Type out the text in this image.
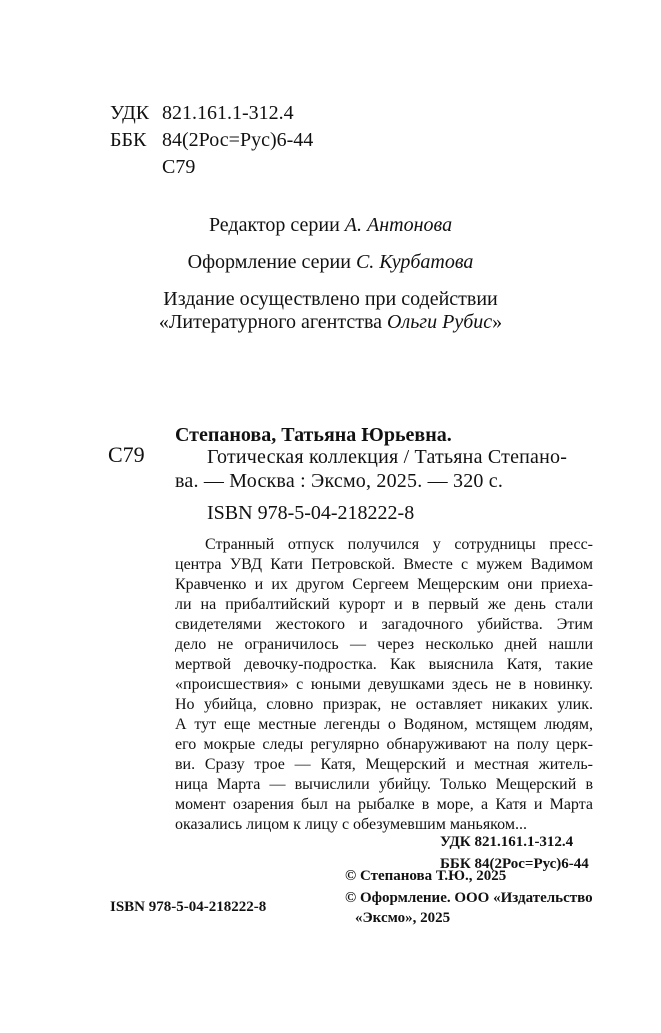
УДК 821.161.1-312.4
ББК 84(2Рос=Рус)6-44
С79
Редактор серии А. Антонова
Оформление серии С. Курбатова
Издание осуществлено при содействии
«Литературного агентства Ольги Рубис»
С79
Степанова, Татьяна Юрьевна.
Готическая коллекция / Татьяна Степано-
ва. — Москва : Эксмо, 2025. — 320 с.
ISBN 978-5-04-218222-8
Странный отпуск получился у сотрудницы пресс-
центра УВД Кати Петровской. Вместе с мужем Вадимом
Кравченко и их другом Сергеем Мещерским они приеха-
ли на прибалтийский курорт и в первый же день стали
свидетелями жестокого и загадочного убийства. Этим
дело не ограничилось — через несколько дней нашли
мертвой девочку-подростка. Как выяснила Катя, такие
«происшествия» с юными девушками здесь не в новинку.
Но убийца, словно призрак, не оставляет никаких улик.
А тут еще местные легенды о Водяном, мстящем людям,
его мокрые следы регулярно обнаруживают на полу церк-
ви. Сразу трое — Катя, Мещерский и местная житель-
ница Марта — вычислили убийцу. Только Мещерский в
момент озарения был на рыбалке в море, а Катя и Марта
оказались лицом к лицу с обезумевшим маньяком...
УДК 821.161.1-312.4
ББК 84(2Рос=Рус)6-44
© Степанова Т.Ю., 2025
© Оформление. ООО «Издательство
«Эксмо», 2025
ISBN 978-5-04-218222-8
